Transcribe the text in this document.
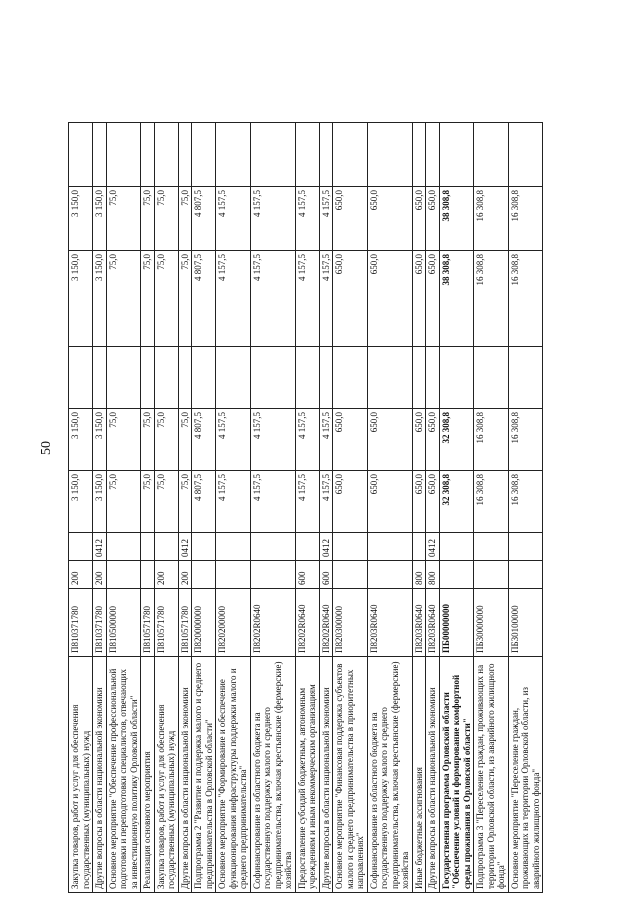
50
Закупка товаров, работ и услуг для обеспечения государственных (муниципальных) нужд	П810371780	200		3 150,0	3 150,0		3 150,0	3 150,0	
Другие вопросы в области национальной экономики	П810371780	200	0412	3 150,0	3 150,0		3 150,0	3 150,0	
Основное мероприятие "Обеспечение профессиональной подготовки и переподготовки специалистов, отвечающих за инвестиционную политику Орловской области"	П810500000			75,0	75,0		75,0	75,0	
Реализация основного мероприятия	П810571780			75,0	75,0		75,0	75,0	
Закупка товаров, работ и услуг для обеспечения государственных (муниципальных) нужд	П810571780	200		75,0	75,0		75,0	75,0	
Другие вопросы в области национальной экономики	П810571780	200	0412	75,0	75,0		75,0	75,0	
Подпрограмма 2 "Развитие и поддержка малого и среднего предпринимательства в Орловской области"	П820000000			4 807,5	4 807,5		4 807,5	4 807,5	
Основное мероприятие "Формирование и обеспечение функционирования инфраструктуры поддержки малого и среднего предпринимательства"	П820200000			4 157,5	4 157,5		4 157,5	4 157,5	
Софинансирование из областного бюджета на государственную поддержку малого и среднего предпринимательства, включая крестьянские (фермерские) хозяйства	П8202R0640			4 157,5	4 157,5		4 157,5	4 157,5	
Предоставление субсидий бюджетным, автономным учреждениям и иным некоммерческим организациям	П8202R0640	600		4 157,5	4 157,5		4 157,5	4 157,5	
Другие вопросы в области национальной экономики	П8202R0640	600	0412	4 157,5	4 157,5		4 157,5	4 157,5	
Основное мероприятие "Финансовая поддержка субъектов малого и среднего предпринимательства в приоритетных направлениях"	П820300000			650,0	650,0		650,0	650,0	
Софинансирование из областного бюджета на государственную поддержку малого и среднего предпринимательства, включая крестьянские (фермерские) хозяйства	П8203R0640			650,0	650,0		650,0	650,0	
Иные бюджетные ассигнования	П8203R0640	800		650,0	650,0		650,0	650,0	
Другие вопросы в области национальной экономики	П8203R0640	800	0412	650,0	650,0		650,0	650,0	
Государственная программа Орловской области "Обеспечение условий и формирование комфортной среды проживания в Орловской области"	ПБ00000000			32 308,8	32 308,8		38 308,8	38 308,8	
Подпрограмма 3 "Переселение граждан, проживающих на территории Орловской области, из аварийного жилищного фонда"	ПБ30000000			16 308,8	16 308,8		16 308,8	16 308,8	
Основное мероприятие "Переселение граждан, проживающих на территории Орловской области, из аварийного жилищного фонда"	ПБ30100000			16 308,8	16 308,8		16 308,8	16 308,8	
